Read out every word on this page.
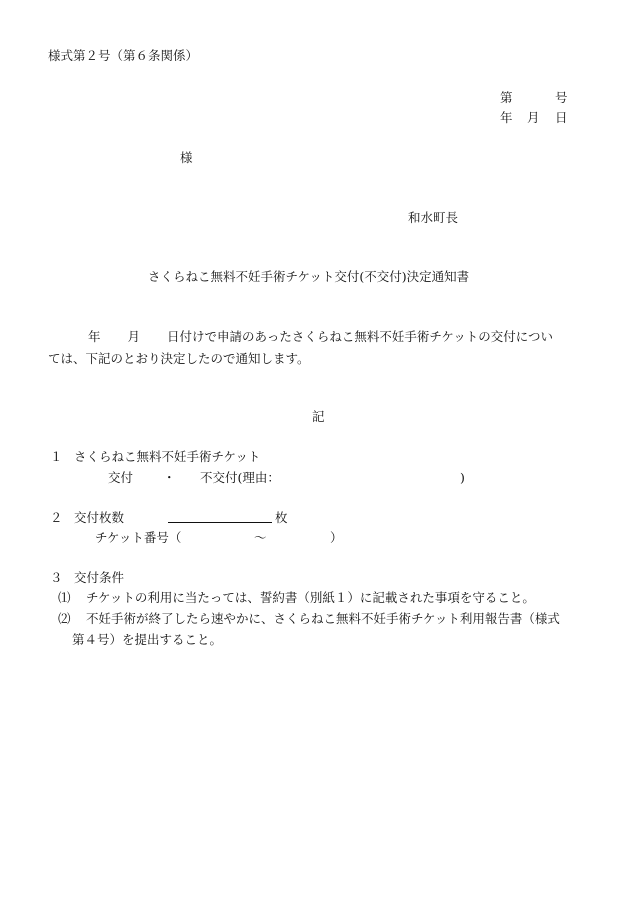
様式第２号（第６条関係）
第	号
年 月 日
様
和水町長
さくらねこ無料不妊手術チケット交付(不交付)決定通知書
年 月 日付けで申請のあったさくらねこ無料不妊手術チケットの交付につい
ては、下記のとおり決定したので通知します。
記
１ さくらねこ無料不妊手術チケット
交付 ・ 不交付(理由：	)
２ 交付枚数	枚
チケット番号（	～	）
３ 交付条件
⑴ チケットの利用に当たっては、誓約書（別紙１）に記載された事項を守ること。
⑵ 不妊手術が終了したら速やかに、さくらねこ無料不妊手術チケット利用報告書（様式
第４号）を提出すること。
